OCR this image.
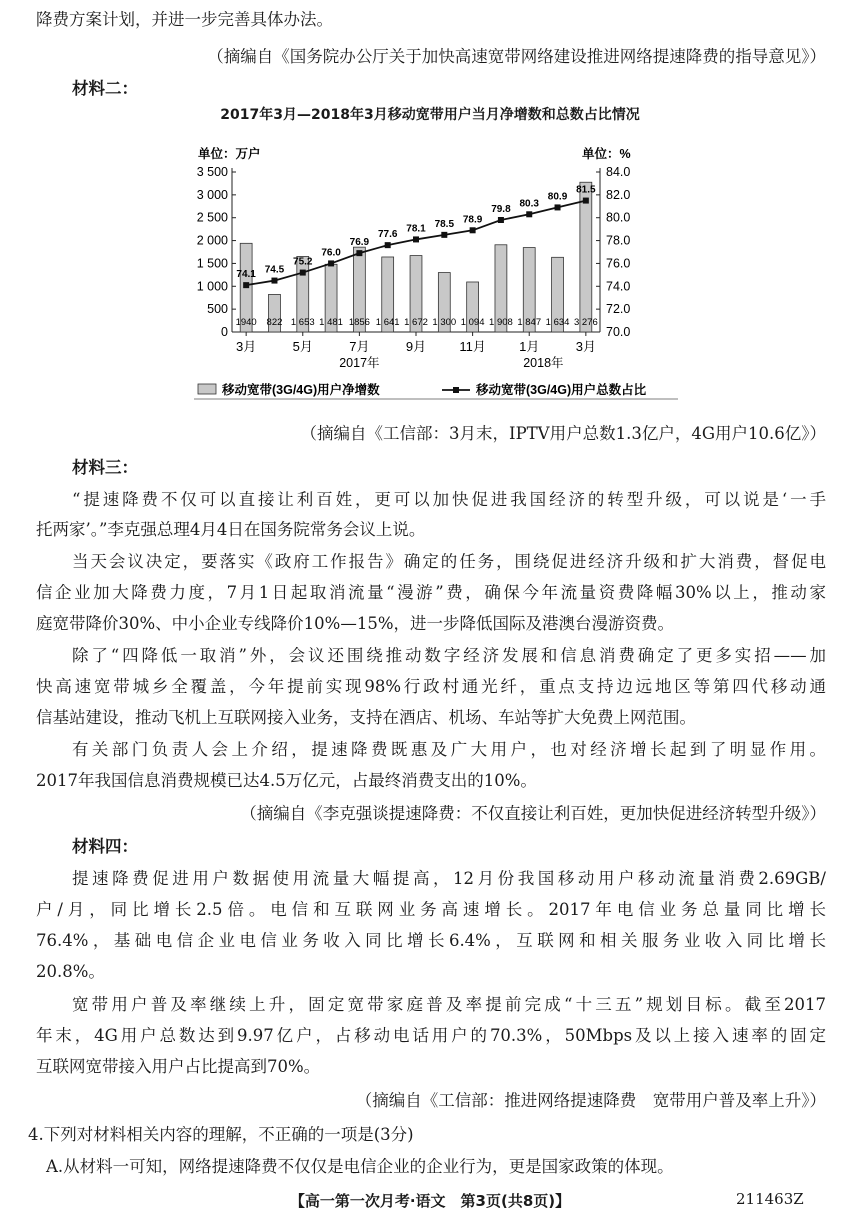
降费方案计划，并进一步完善具体办法。
（摘编自《国务院办公厅关于加快高速宽带网络建设推进网络提速降费的指导意见》）
材料二：
2017年3月—2018年3月移动宽带用户当月净增数和总数占比情况
单位：万户	单位：%
0
500
1 000
1 500
2 000
2 500
3 000
3 500
70.0
72.0
74.0
76.0
78.0
80.0
82.0
84.0
1940 822 1 653 1 481 1856 1 641 1 672 1 300 1 094 1 908 1 847 1 634 3 276
74.1 74.5
75.2
76.0
76.9
77.6
78.1 78.5 78.9
79.8
80.3
80.9
81.5
3月	5月	7月	9月	11月	1月	3月
2017年	2018年
移动宽带(3G/4G)用户净增数	移动宽带(3G/4G)用户总数占比
（摘编自《工信部：3月末，IPTV用户总数1.3亿户，4G用户10.6亿》）
材料三：
“提速降费不仅可以直接让利百姓，更可以加快促进我国经济的转型升级，可以说是‘一手
托两家’。”李克强总理4月4日在国务院常务会议上说。
当天会议决定，要落实《政府工作报告》确定的任务，围绕促进经济升级和扩大消费，督促电
信企业加大降费力度，7月1日起取消流量“漫游”费，确保今年流量资费降幅30%以上，推动家
庭宽带降价30%、中小企业专线降价10%—15%，进一步降低国际及港澳台漫游资费。
除了“四降低一取消”外，会议还围绕推动数字经济发展和信息消费确定了更多实招——加
快高速宽带城乡全覆盖，今年提前实现98%行政村通光纤，重点支持边远地区等第四代移动通
信基站建设，推动飞机上互联网接入业务，支持在酒店、机场、车站等扩大免费上网范围。
有关部门负责人会上介绍，提速降费既惠及广大用户，也对经济增长起到了明显作用。
2017年我国信息消费规模已达4.5万亿元，占最终消费支出的10%。
（摘编自《李克强谈提速降费：不仅直接让利百姓，更加快促进经济转型升级》）
材料四：
提速降费促进用户数据使用流量大幅提高，12月份我国移动用户移动流量消费2.69GB/
户/月，同比增长2.5倍。电信和互联网业务高速增长。2017年电信业务总量同比增长
76.4%，基础电信企业电信业务收入同比增长6.4%，互联网和相关服务业收入同比增长
20.8%。
宽带用户普及率继续上升，固定宽带家庭普及率提前完成“十三五”规划目标。截至2017
年末，4G用户总数达到9.97亿户，占移动电话用户的70.3%，50Mbps及以上接入速率的固定
互联网宽带接入用户占比提高到70%。
（摘编自《工信部：推进网络提速降费　宽带用户普及率上升》）
4.下列对材料相关内容的理解，不正确的一项是(3分)
A.从材料一可知，网络提速降费不仅仅是电信企业的企业行为，更是国家政策的体现。
【高一第一次月考·语文　第3页(共8页)】	211463Z
